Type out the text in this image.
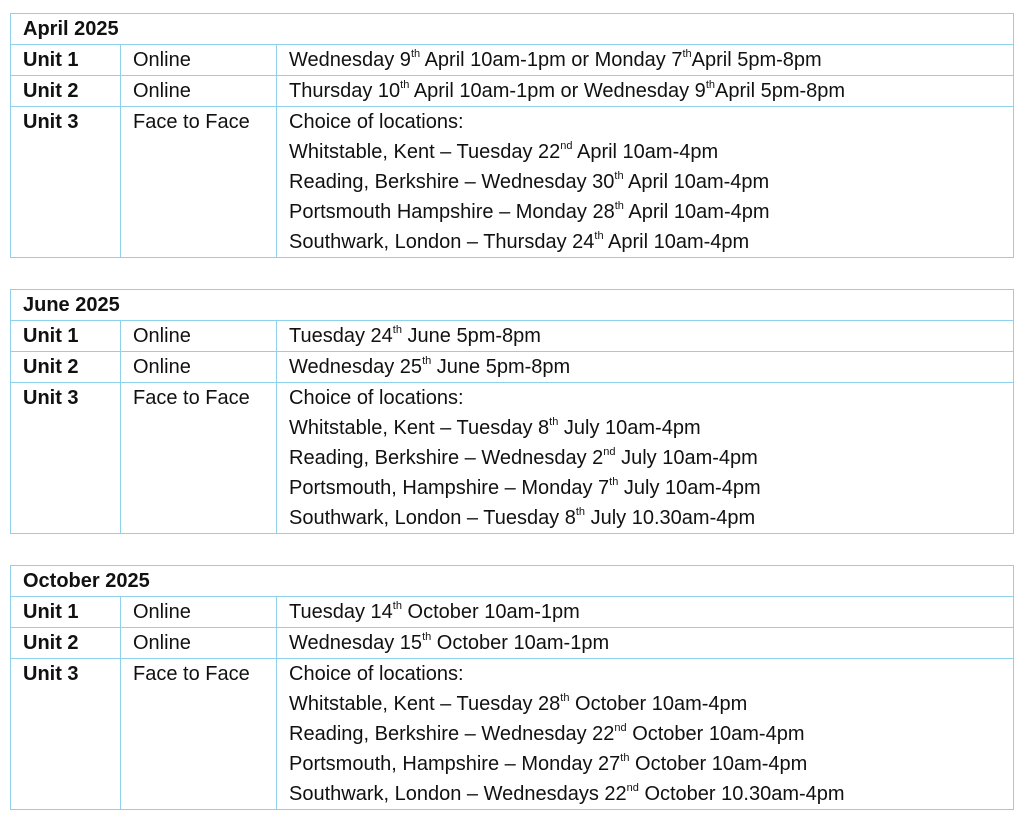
April 2025		
Unit 1	Online	Wednesday 9th April 10am-1pm or Monday 7thApril 5pm-8pm

Unit 2	Online	Thursday 10th April 10am-1pm or Wednesday 9thApril 5pm-8pm

Unit 3	Face to Face	Choice of locations:
Whitstable, Kent – Tuesday 22nd April 10am-4pm
Reading, Berkshire – Wednesday 30th April 10am-4pm
Portsmouth Hampshire – Monday 28th April 10am-4pm
Southwark, London – Thursday 24th April 10am-4pm
June 2025		
Unit 1	Online	Tuesday 24th June 5pm-8pm

Unit 2	Online	Wednesday 25th June 5pm-8pm

Unit 3	Face to Face	Choice of locations:
Whitstable, Kent – Tuesday 8th July 10am-4pm
Reading, Berkshire – Wednesday 2nd July 10am-4pm
Portsmouth, Hampshire – Monday 7th July 10am-4pm
Southwark, London – Tuesday 8th July 10.30am-4pm
October 2025		
Unit 1	Online	Tuesday 14th October 10am-1pm

Unit 2	Online	Wednesday 15th October 10am-1pm

Unit 3	Face to Face	Choice of locations:
Whitstable, Kent – Tuesday 28th October 10am-4pm
Reading, Berkshire – Wednesday 22nd October 10am-4pm
Portsmouth, Hampshire – Monday 27th October 10am-4pm
Southwark, London – Wednesdays 22nd October 10.30am-4pm
